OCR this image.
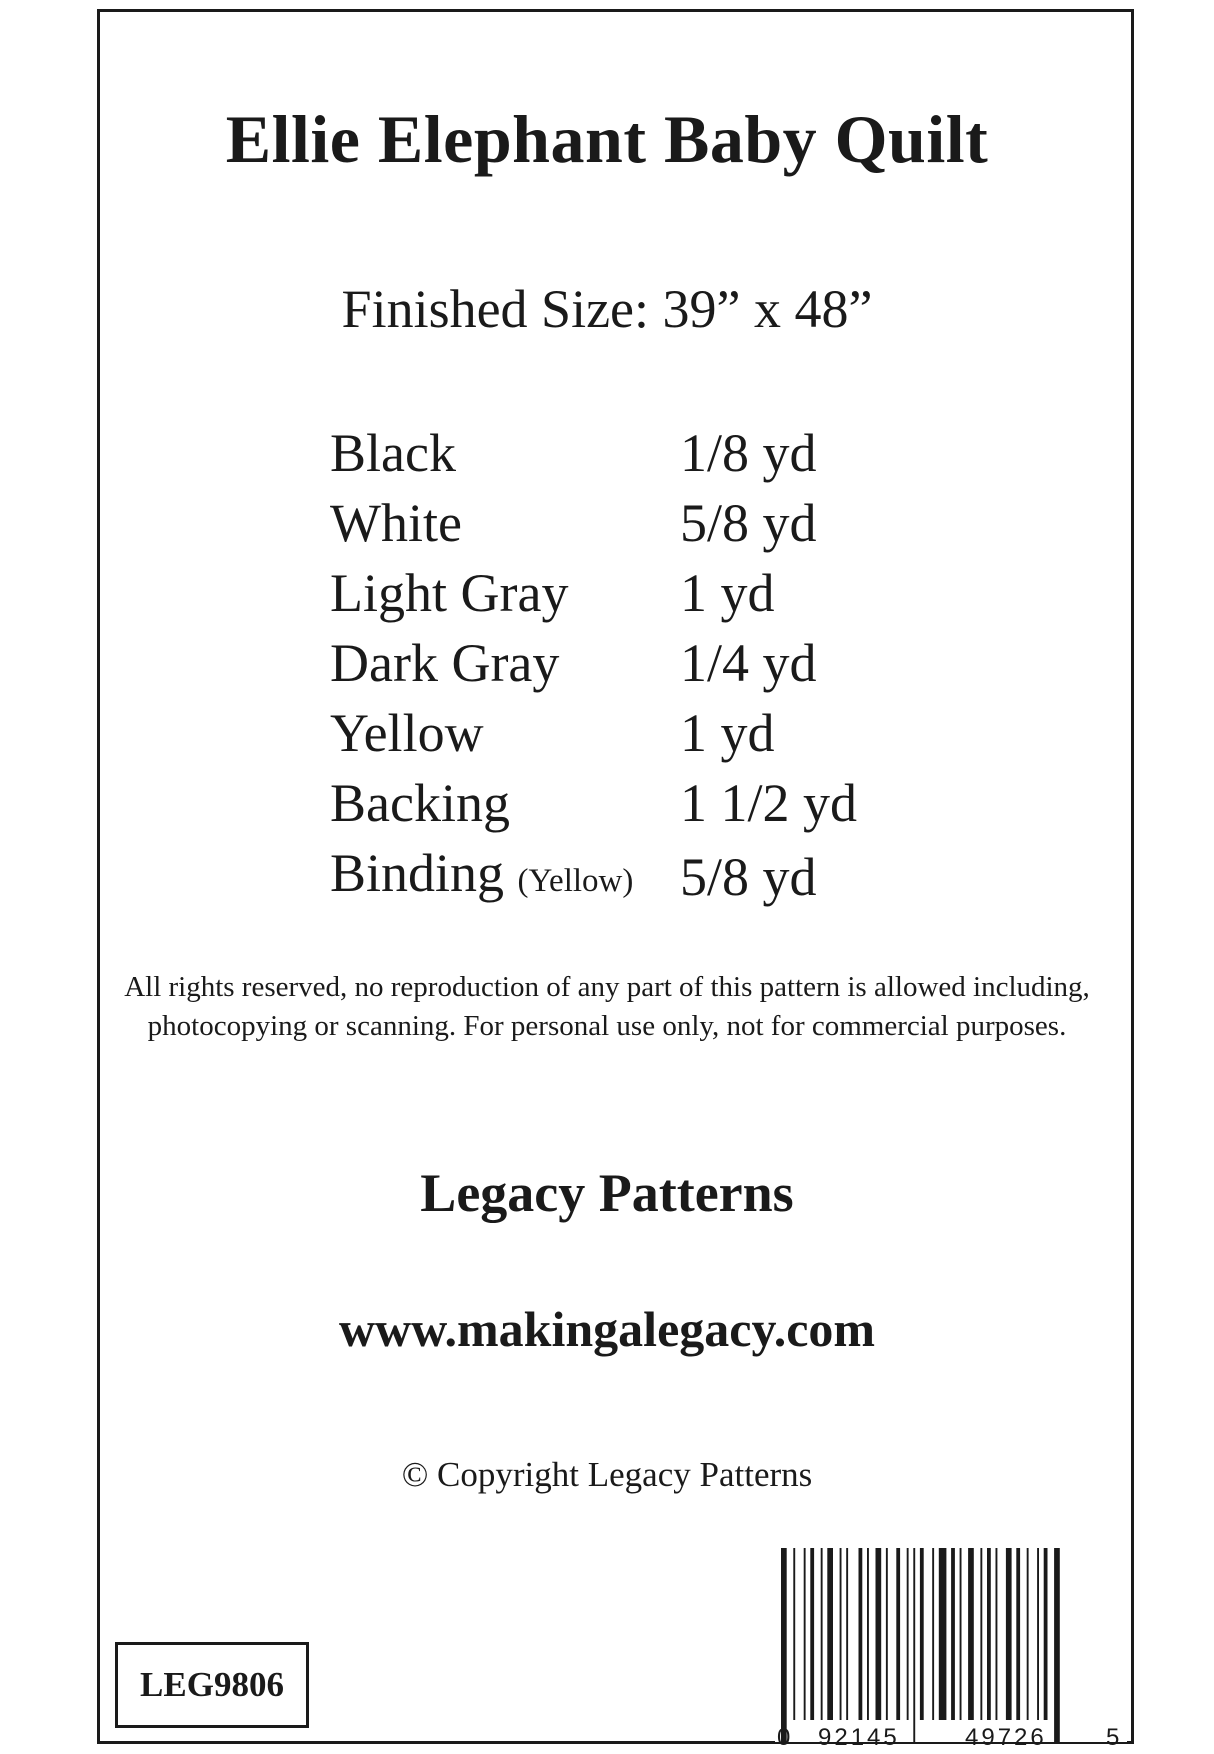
Ellie Elephant Baby Quilt
Finished Size: 39” x 48”
Black	1/8 yd
White	5/8 yd
Light Gray	1 yd
Dark Gray	1/4 yd
Yellow	1 yd
Backing	1 1/2 yd
Binding (Yellow)	5/8 yd
All rights reserved, no reproduction of any part of this pattern is allowed including, photocopying or scanning. For personal use only, not for commercial purposes.
Legacy Patterns
www.makingalegacy.com
© Copyright Legacy Patterns
LEG9806
0 92145	49726 5
